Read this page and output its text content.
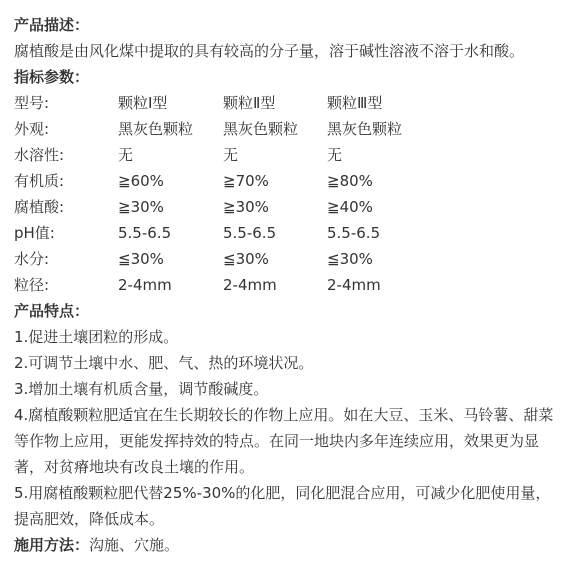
产品描述：
腐植酸是由风化煤中提取的具有较高的分子量，溶于碱性溶液不溶于水和酸。
指标参数：
型号:	颗粒Ⅰ型	颗粒Ⅱ型	颗粒Ⅲ型
外观:	黑灰色颗粒	黑灰色颗粒	黑灰色颗粒
水溶性:	无	无	无
有机质:	≧60%	≧70%	≧80%
腐植酸:	≧30%	≧30%	≧40%
pH值:	5.5-6.5	5.5-6.5	5.5-6.5
水分:	≦30%	≦30%	≦30%
粒径:	2-4mm	2-4mm	2-4mm
产品特点：
1.促进土壤团粒的形成。
2.可调节土壤中水、肥、气、热的环境状况。
3.增加土壤有机质含量，调节酸碱度。
4.腐植酸颗粒肥适宜在生长期较长的作物上应用。如在大豆、玉米、马铃薯、甜菜等作物上应用，更能发挥持效的特点。在同一地块内多年连续应用，效果更为显著，对贫瘠地块有改良土壤的作用。
5.用腐植酸颗粒肥代替25%-30%的化肥，同化肥混合应用，可减少化肥使用量，提高肥效，降低成本。
施用方法：沟施、穴施。
